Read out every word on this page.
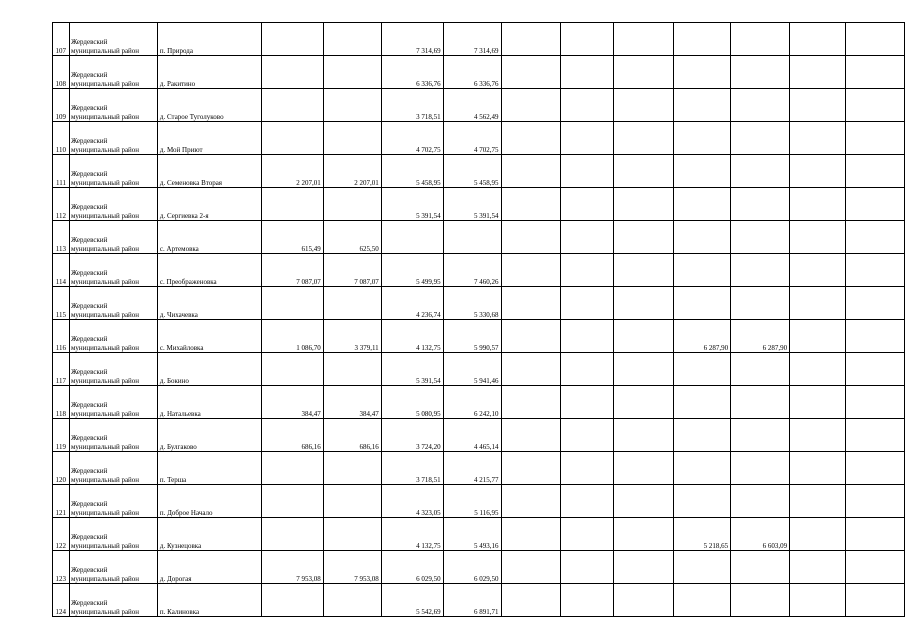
107	Жердевский муниципальный район	п. Природа			7 314,69	7 314,69							
108	Жердевский муниципальный район	д. Ракитино			6 336,76	6 336,76							
109	Жердевский муниципальный район	д. Старое Туголуково			3 718,51	4 562,49							
110	Жердевский муниципальный район	д. Мой Приют			4 702,75	4 702,75							
111	Жердевский муниципальный район	д. Семеновка Вторая	2 207,01	2 207,01	5 458,95	5 458,95							
112	Жердевский муниципальный район	д. Сергиевка 2-я			5 391,54	5 391,54							
113	Жердевский муниципальный район	с. Артемовка	615,49	625,50									
114	Жердевский муниципальный район	с. Преображеновка	7 087,07	7 087,07	5 499,95	7 460,26							
115	Жердевский муниципальный район	д. Чихачевка			4 236,74	5 330,68							
116	Жердевский муниципальный район	с. Михайловка	1 086,70	3 379,11	4 132,75	5 990,57				6 287,90	6 287,90		
117	Жердевский муниципальный район	д. Бокино			5 391,54	5 941,46							
118	Жердевский муниципальный район	д. Натальевка	384,47	384,47	5 080,95	6 242,10							
119	Жердевский муниципальный район	д. Булгаково	686,16	686,16	3 724,20	4 465,14							
120	Жердевский муниципальный район	п. Терша			3 718,51	4 215,77							
121	Жердевский муниципальный район	п. Доброе Начало			4 323,05	5 116,95							
122	Жердевский муниципальный район	д. Кузнецовка			4 132,75	5 493,16				5 218,65	6 603,09		
123	Жердевский муниципальный район	д. Дорогая	7 953,08	7 953,08	6 029,50	6 029,50							
124	Жердевский муниципальный район	п. Калиновка			5 542,69	6 891,71							
